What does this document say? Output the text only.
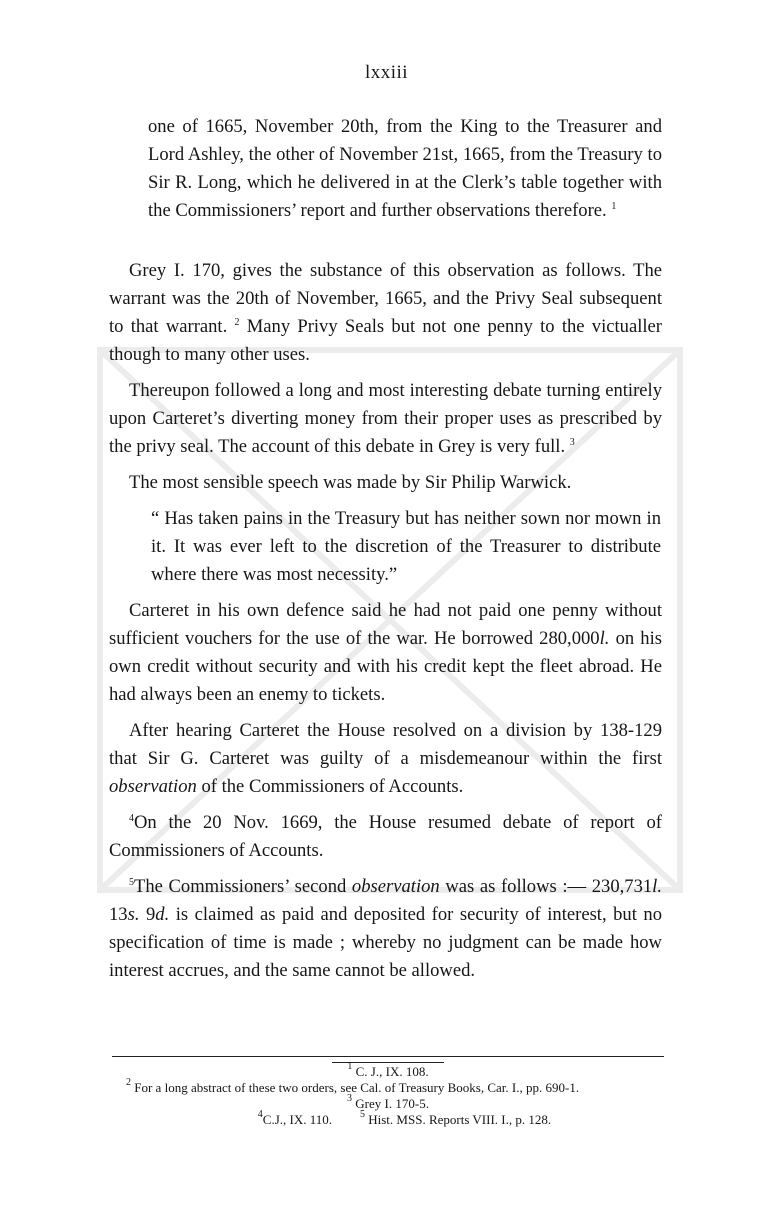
lxxiii

one of 1665, November 20th, from the King to the Treasurer and Lord Ashley, the other of November 21st, 1665, from the Treasury to Sir R. Long, which he delivered in at the Clerk’s table together with the Commissioners’ report and further observations therefore. $^1$

Grey I. 170, gives the substance of this observation as follows. The warrant was the 20th of November, 1665, and the Privy Seal subsequent to that warrant. $^2$ Many Privy Seals but not one penny to the victualler though to many other uses.

Thereupon followed a long and most interesting debate turning entirely upon Carteret’s diverting money from their proper uses as prescribed by the privy seal. The account of this debate in Grey is very full. $^3$

The most sensible speech was made by Sir Philip Warwick.

“ Has taken pains in the Treasury but has neither sown nor mown in it. It was ever left to the discretion of the Treasurer to distribute where there was most necessity.”

Carteret in his own defence said he had not paid one penny without sufficient vouchers for the use of the war. He borrowed 280,000l. on his own credit without security and with his credit kept the fleet abroad. He had always been an enemy to tickets.

After hearing Carteret the House resolved on a division by 138-129 that Sir G. Carteret was guilty of a misdemeanour within the first observation of the Commissioners of Accounts.

$^4$On the 20 Nov. 1669, the House resumed debate of report of Commissioners of Accounts.

$^5$The Commissioners’ second observation was as follows :— 230,731l. 13s. 9d. is claimed as paid and deposited for security of interest, but no specification of time is made ; whereby no judgment can be made how interest accrues, and the same cannot be allowed.

$^1$ C. J., IX. 108.
$^2$ For a long abstract of these two orders, see Cal. of Treasury Books, Car. I., pp. 690-1.
$^3$ Grey I. 170-5.
$^4$C.J., IX. 110.	$^5$ Hist. MSS. Reports VIII. I., p. 128.
